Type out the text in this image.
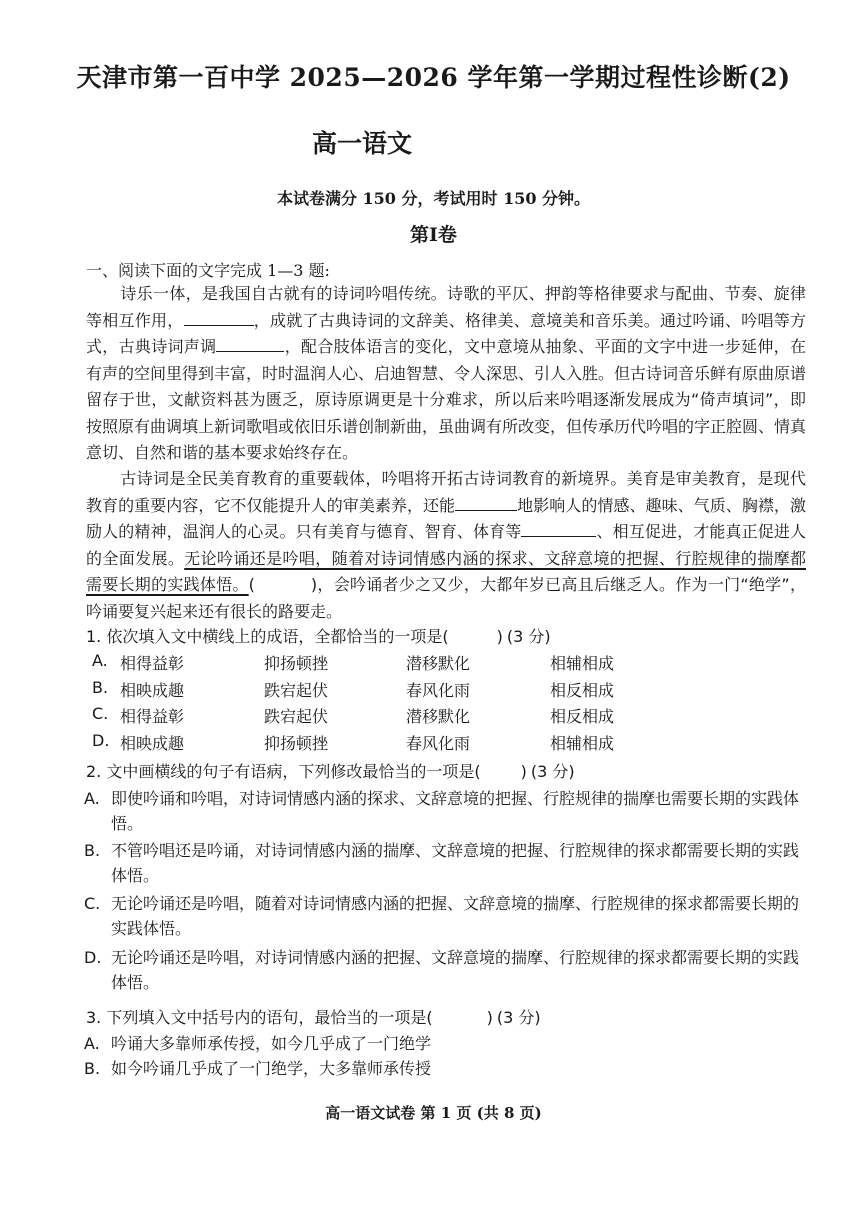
天津市第一百中学 2025—2026 学年第一学期过程性诊断(2)
高一语文
本试卷满分 150 分，考试用时 150 分钟。
第Ⅰ卷
一、阅读下面的文字完成 1—3 题:
诗乐一体，是我国自古就有的诗词吟唱传统。诗歌的平仄、押韵等格律要求与配曲、节奏、旋律等相互作用，	，成就了古典诗词的文辞美、格律美、意境美和音乐美。通过吟诵、吟唱等方式，古典诗词声调	，配合肢体语言的变化，文中意境从抽象、平面的文字中进一步延伸，在有声的空间里得到丰富，时时温润人心、启迪智慧、令人深思、引人入胜。但古诗词音乐鲜有原曲原谱留存于世，文献资料甚为匮乏，原诗原调更是十分难求，所以后来吟唱逐渐发展成为“倚声填词”，即按照原有曲调填上新词歌唱或依旧乐谱创制新曲，虽曲调有所改变，但传承历代吟唱的字正腔圆、情真意切、自然和谐的基本要求始终存在。
古诗词是全民美育教育的重要载体，吟唱将开拓古诗词教育的新境界。美育是审美教育，是现代教育的重要内容，它不仅能提升人的审美素养，还能	地影响人的情感、趣味、气质、胸襟，激励人的精神，温润人的心灵。只有美育与德育、智育、体育等	、相互促进，才能真正促进人的全面发展。无论吟诵还是吟唱，随着对诗词情感内涵的探求、文辞意境的把握、行腔规律的揣摩都需要长期的实践体悟。(	)，会吟诵者少之又少，大都年岁已高且后继乏人。作为一门“绝学”，吟诵要复兴起来还有很长的路要走。
1. 依次填入文中横线上的成语，全都恰当的一项是(	) (3 分)
A. 相得益彰	抑扬顿挫	潜移默化	相辅相成
B. 相映成趣	跌宕起伏	春风化雨	相反相成
C. 相得益彰	跌宕起伏	潜移默化	相反相成
D. 相映成趣	抑扬顿挫	春风化雨	相辅相成
2. 文中画横线的句子有语病，下列修改最恰当的一项是(	) (3 分)
A. 即使吟诵和吟唱，对诗词情感内涵的探求、文辞意境的把握、行腔规律的揣摩也需要长期的实践体悟。
B. 不管吟唱还是吟诵，对诗词情感内涵的揣摩、文辞意境的把握、行腔规律的探求都需要长期的实践体悟。
C. 无论吟诵还是吟唱，随着对诗词情感内涵的把握、文辞意境的揣摩、行腔规律的探求都需要长期的实践体悟。
D. 无论吟诵还是吟唱，对诗词情感内涵的把握、文辞意境的揣摩、行腔规律的探求都需要长期的实践体悟。
3. 下列填入文中括号内的语句，最恰当的一项是(	) (3 分)
A. 吟诵大多靠师承传授，如今几乎成了一门绝学
B. 如今吟诵几乎成了一门绝学，大多靠师承传授
高一语文试卷 第 1 页 (共 8 页)
